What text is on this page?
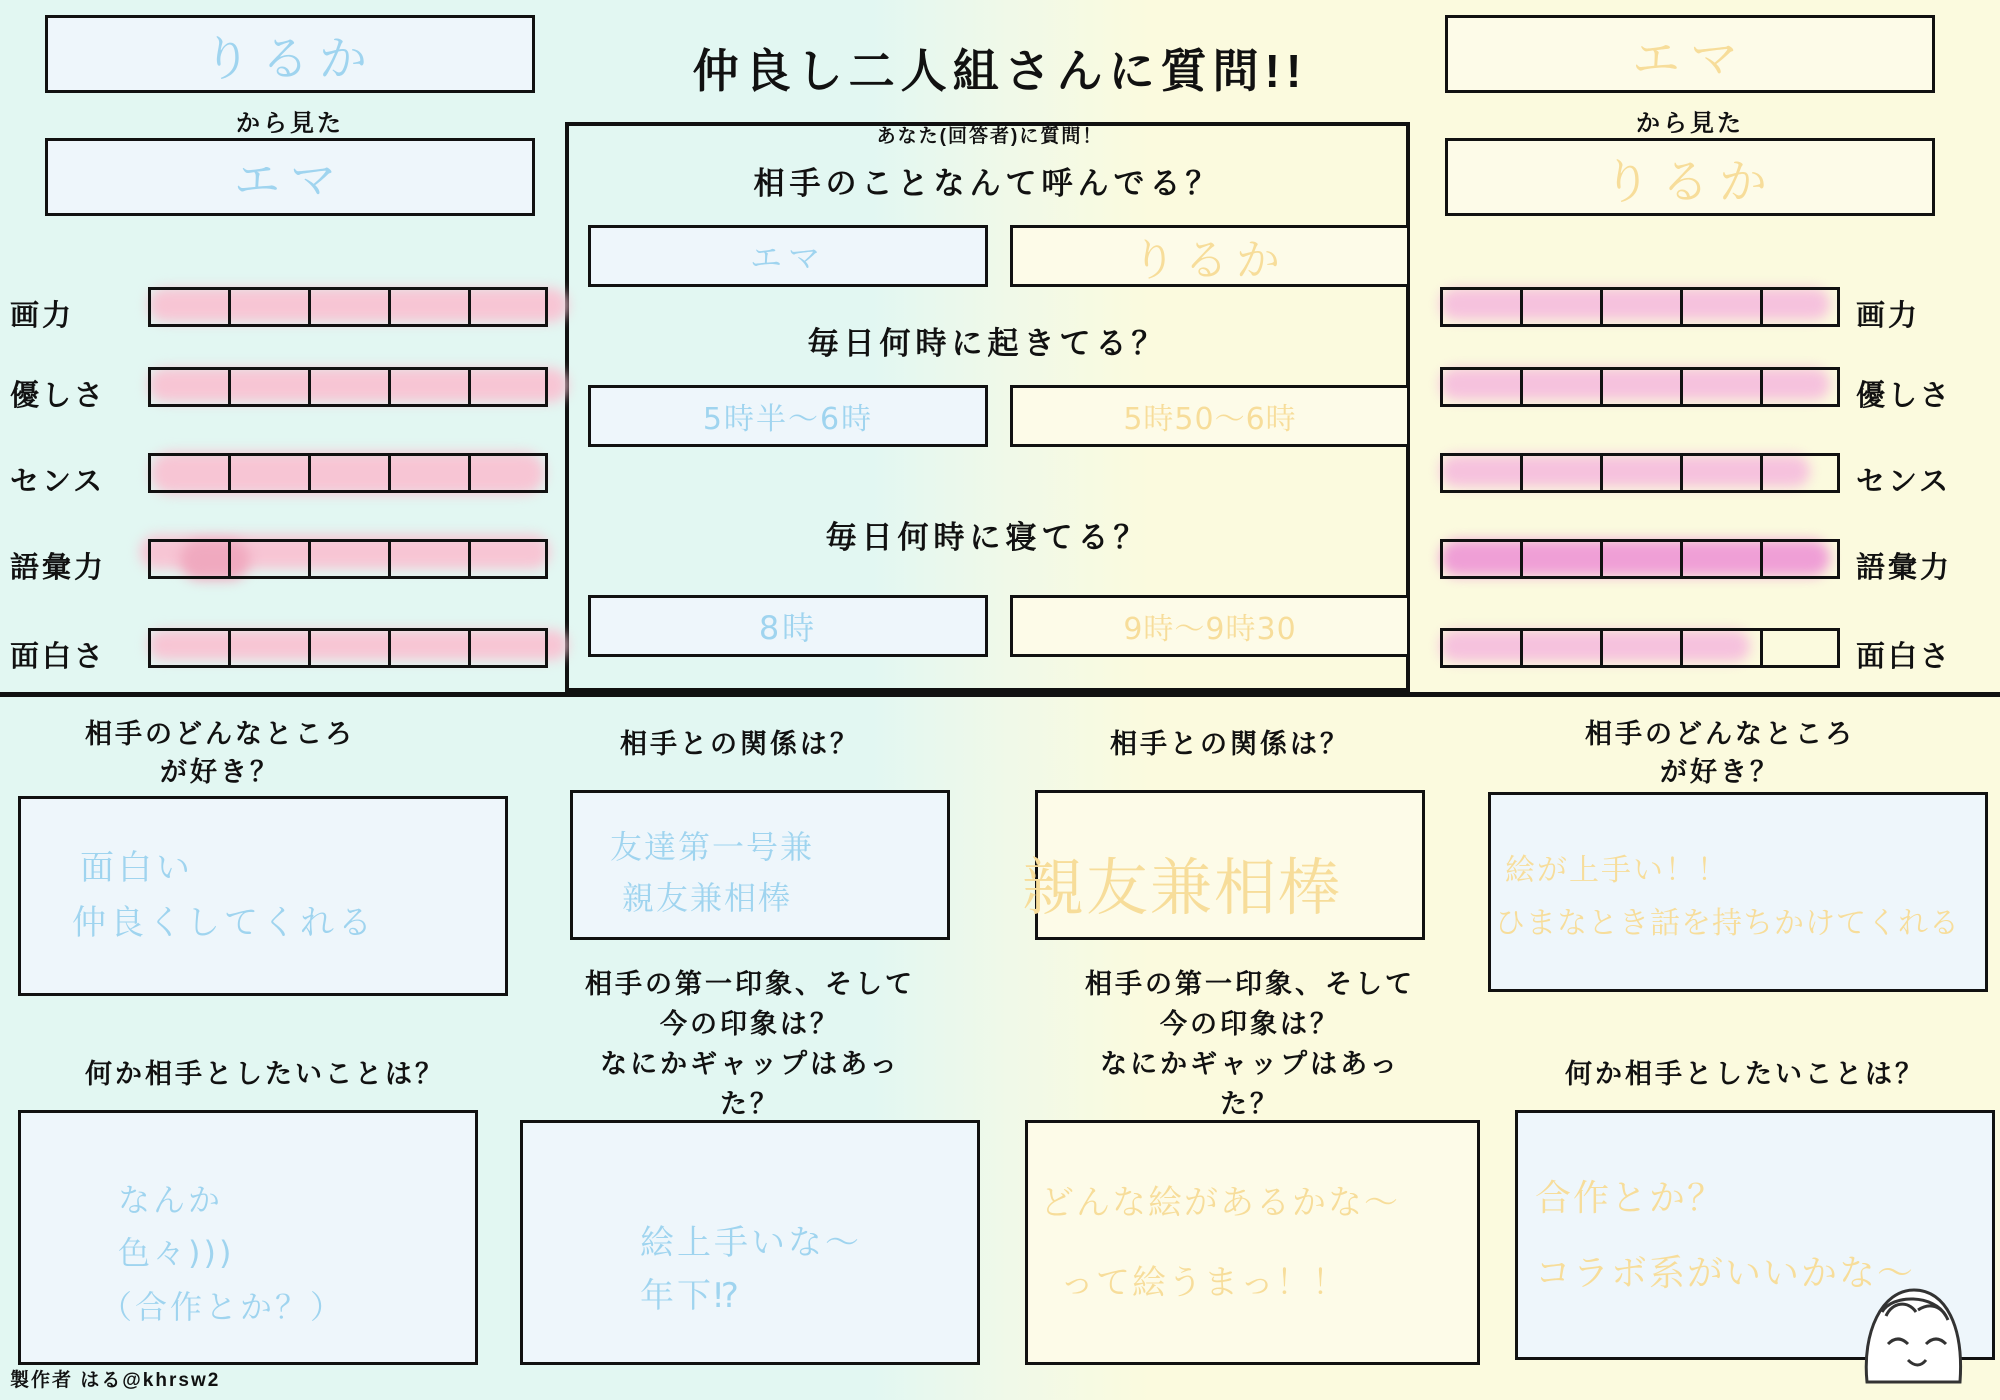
りるか
から見た
エマ
エマ
から見た
りるか
仲良し二人組さんに質問!!
あなた(回答者)に質問！
相手のことなんて呼んでる？
エマ	りるか
毎日何時に起きてる？
5時半〜6時	5時50〜6時
毎日何時に寝てる？
8時	9時〜9時30
画力
優しさ
センス
語彙力
面白さ
画力
優しさ
センス
語彙力
面白さ
相手のどんなところ
が好き？
面白い
仲良くしてくれる
何か相手としたいことは？
なんか
色々)))
（合作とか？）
相手との関係は？
友達第一号兼
親友兼相棒
相手の第一印象、そして
今の印象は？
なにかギャップはあっ
た？
絵上手いな〜
年下⁉
相手との関係は？
親友兼相棒
相手の第一印象、そして
今の印象は？
なにかギャップはあっ
た？
どんな絵があるかな〜
って絵うまっ！！
相手のどんなところ
が好き？
絵が上手い！！
ひまなとき話を持ちかけてくれる
何か相手としたいことは？
合作とか？
コラボ系がいいかな〜
製作者 はる@khrsw2
